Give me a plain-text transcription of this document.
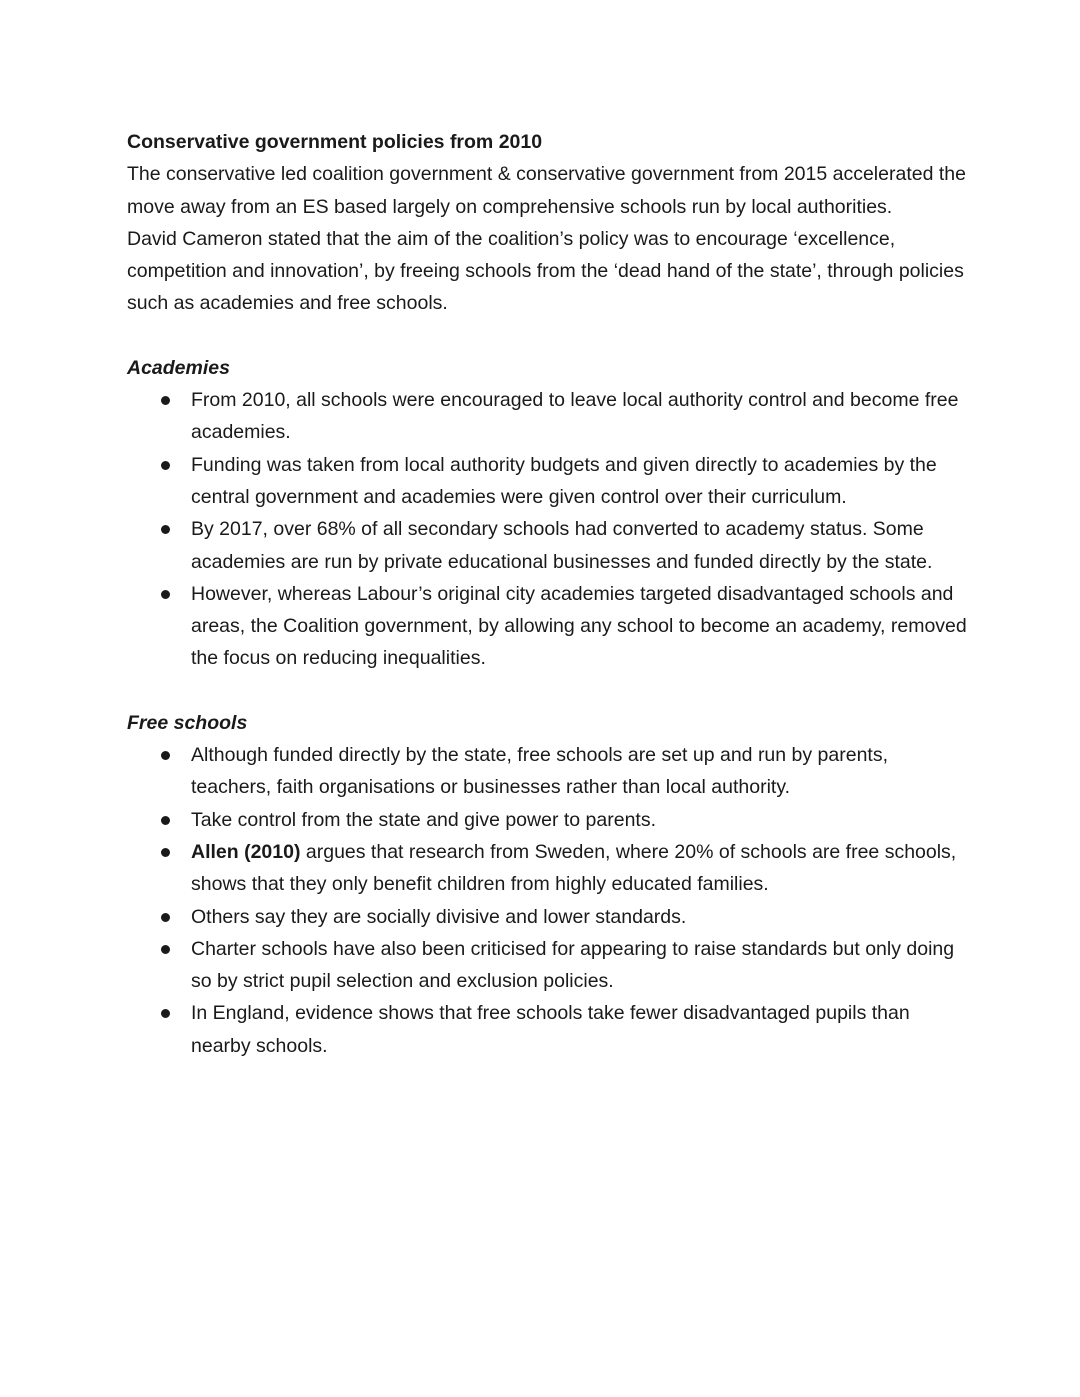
Conservative government policies from 2010

The conservative led coalition government & conservative government from 2015 accelerated the move away from an ES based largely on comprehensive schools run by local authorities.

David Cameron stated that the aim of the coalition’s policy was to encourage ‘excellence, competition and innovation’, by freeing schools from the ‘dead hand of the state’, through policies such as academies and free schools.

Academies

From 2010, all schools were encouraged to leave local authority control and become free academies.
Funding was taken from local authority budgets and given directly to academies by the central government and academies were given control over their curriculum.
By 2017, over 68% of all secondary schools had converted to academy status. Some academies are run by private educational businesses and funded directly by the state.
However, whereas Labour’s original city academies targeted disadvantaged schools and areas, the Coalition government, by allowing any school to become an academy, removed the focus on reducing inequalities.

Free schools

Although funded directly by the state, free schools are set up and run by parents, teachers, faith organisations or businesses rather than local authority.
Take control from the state and give power to parents.
Allen (2010) argues that research from Sweden, where 20% of schools are free schools, shows that they only benefit children from highly educated families.
Others say they are socially divisive and lower standards.
Charter schools have also been criticised for appearing to raise standards but only doing so by strict pupil selection and exclusion policies.
In England, evidence shows that free schools take fewer disadvantaged pupils than nearby schools.
